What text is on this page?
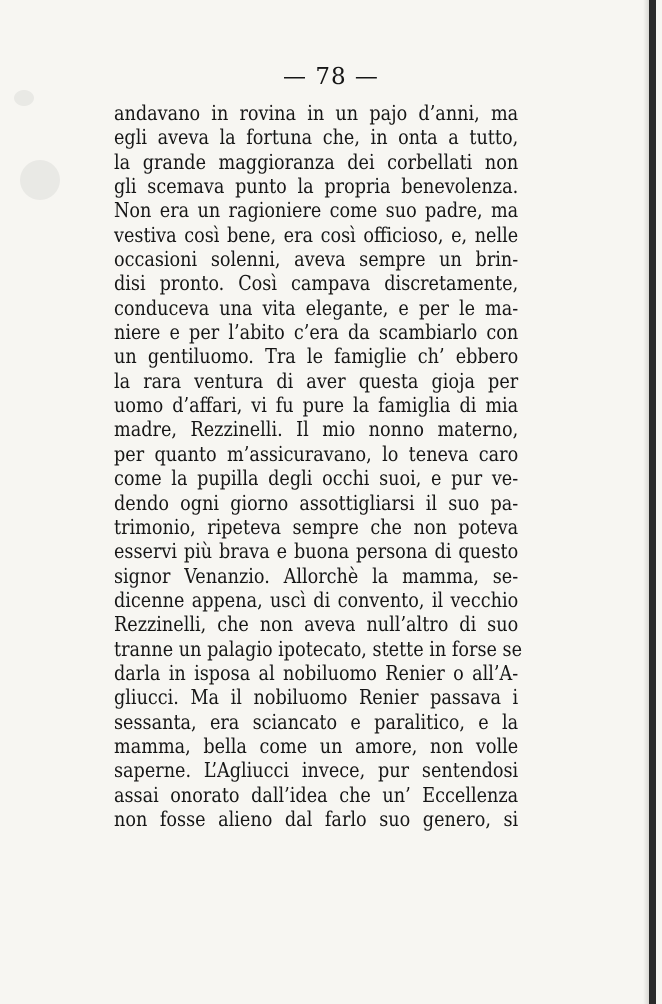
— 78 —
andavano in rovina in un pajo d’anni, ma
egli aveva la fortuna che, in onta a tutto,
la grande maggioranza dei corbellati non
gli scemava punto la propria benevolenza.
Non era un ragioniere come suo padre, ma
vestiva così bene, era così officioso, e, nelle
occasioni solenni, aveva sempre un brin-
disi pronto. Così campava discretamente,
conduceva una vita elegante, e per le ma-
niere e per l’abito c’era da scambiarlo con
un gentiluomo. Tra le famiglie ch’ ebbero
la rara ventura di aver questa gioja per
uomo d’affari, vi fu pure la famiglia di mia
madre, Rezzinelli. Il mio nonno materno,
per quanto m’assicuravano, lo teneva caro
come la pupilla degli occhi suoi, e pur ve-
dendo ogni giorno assottigliarsi il suo pa-
trimonio, ripeteva sempre che non poteva
esservi più brava e buona persona di questo
signor Venanzio. Allorchè la mamma, se-
dicenne appena, uscì di convento, il vecchio
Rezzinelli, che non aveva null’altro di suo
tranne un palagio ipotecato, stette in forse se
darla in isposa al nobiluomo Renier o all’A-
gliucci. Ma il nobiluomo Renier passava i
sessanta, era sciancato e paralitico, e la
mamma, bella come un amore, non volle
saperne. L’Agliucci invece, pur sentendosi
assai onorato dall’idea che un’ Eccellenza
non fosse alieno dal farlo suo genero, si
